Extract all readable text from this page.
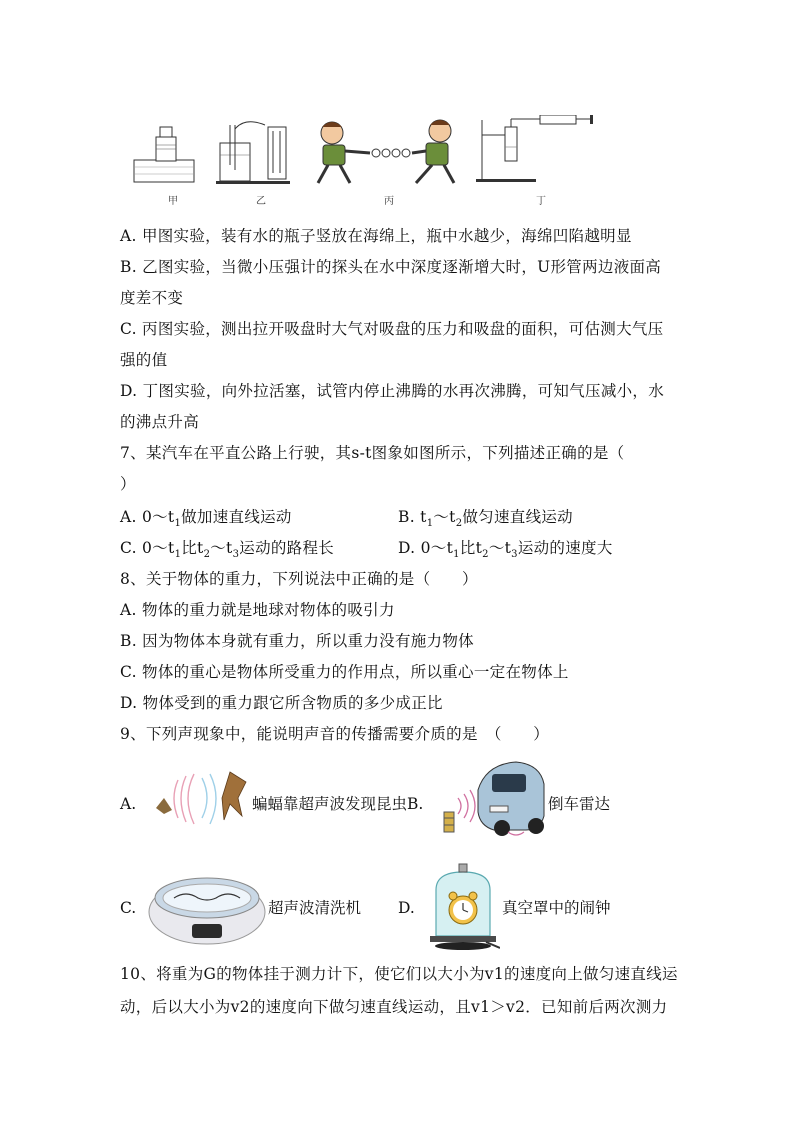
甲	乙	丙	丁
A. 甲图实验，装有水的瓶子竖放在海绵上，瓶中水越少，海绵凹陷越明显
B. 乙图实验，当微小压强计的探头在水中深度逐渐增大时，U形管两边液面高
度差不变
C. 丙图实验，测出拉开吸盘时大气对吸盘的压力和吸盘的面积，可估测大气压
强的值
D. 丁图实验，向外拉活塞，试管内停止沸腾的水再次沸腾，可知气压减小，水
的沸点升高
7、某汽车在平直公路上行驶，其s-t图象如图所示，下列描述正确的是（
）
A. $0\sim t_1$做加速直线运动	B. $t_1\sim t_2$做匀速直线运动
C. $0\sim t_1$比$t_2\sim t_3$运动的路程长	D. $0\sim t_1$比$t_2\sim t_3$运动的速度大
8、关于物体的重力，下列说法中正确的是（　　）
A. 物体的重力就是地球对物体的吸引力
B. 因为物体本身就有重力，所以重力没有施力物体
C. 物体的重心是物体所受重力的作用点，所以重心一定在物体上
D. 物体受到的重力跟它所含物质的多少成正比
9、下列声现象中，能说明声音的传播需要介质的是　（　　）
A.	蝙蝠靠超声波发现昆虫B.	倒车雷达
C.	超声波清洗机 D.	真空罩中的闹钟
10、将重为G的物体挂于测力计下，使它们以大小为v1的速度向上做匀速直线运
动，后以大小为v2的速度向下做匀速直线运动，且v1＞v2．已知前后两次测力
